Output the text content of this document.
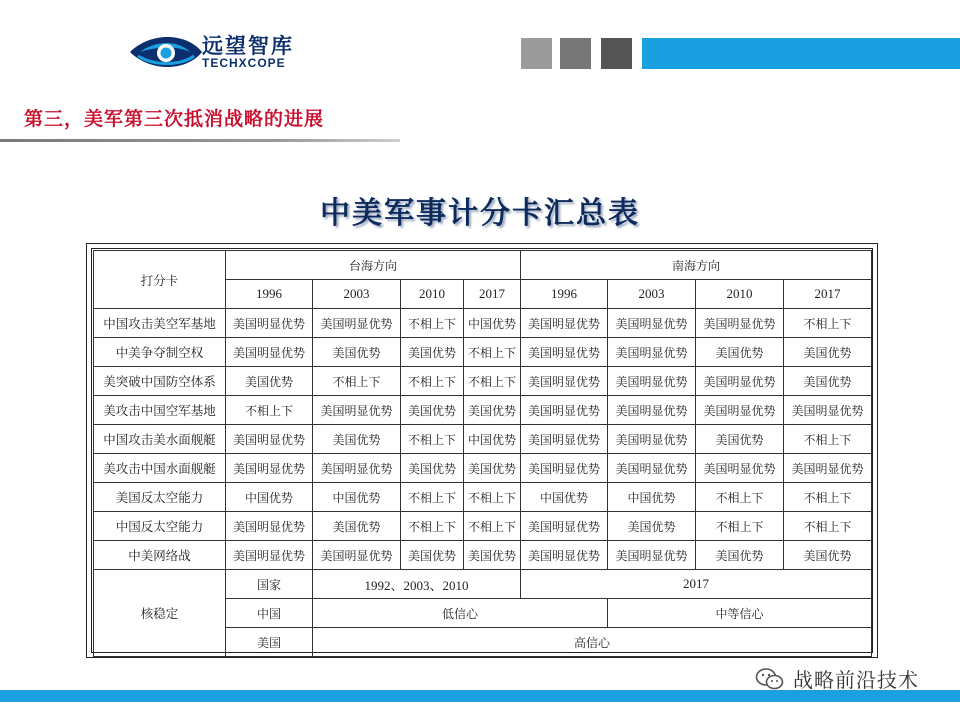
远望智库
TECHXCOPE
第三，美军第三次抵消战略的进展
中美军事计分卡汇总表
打分卡	台海方向				南海方向			
	1996	2003	2010	2017	1996	2003	2010	2017
中国攻击美空军基地	美国明显优势	美国明显优势	不相上下	中国优势	美国明显优势	美国明显优势	美国明显优势	不相上下
中美争夺制空权	美国明显优势	美国优势	美国优势	不相上下	美国明显优势	美国明显优势	美国优势	美国优势
美突破中国防空体系	美国优势	不相上下	不相上下	不相上下	美国明显优势	美国明显优势	美国明显优势	美国优势
美攻击中国空军基地	不相上下	美国明显优势	美国优势	美国优势	美国明显优势	美国明显优势	美国明显优势	美国明显优势
中国攻击美水面舰艇	美国明显优势	美国优势	不相上下	中国优势	美国明显优势	美国明显优势	美国优势	不相上下
美攻击中国水面舰艇	美国明显优势	美国明显优势	美国优势	美国优势	美国明显优势	美国明显优势	美国明显优势	美国明显优势
美国反太空能力	中国优势	中国优势	不相上下	不相上下	中国优势	中国优势	不相上下	不相上下
中国反太空能力	美国明显优势	美国优势	不相上下	不相上下	美国明显优势	美国优势	不相上下	不相上下
中美网络战	美国明显优势	美国明显优势	美国优势	美国优势	美国明显优势	美国明显优势	美国优势	美国优势
核稳定	国家	1992、2003、2010			2017			
	中国	低信心				中等信心		
	美国	高信心						
战略前沿技术
